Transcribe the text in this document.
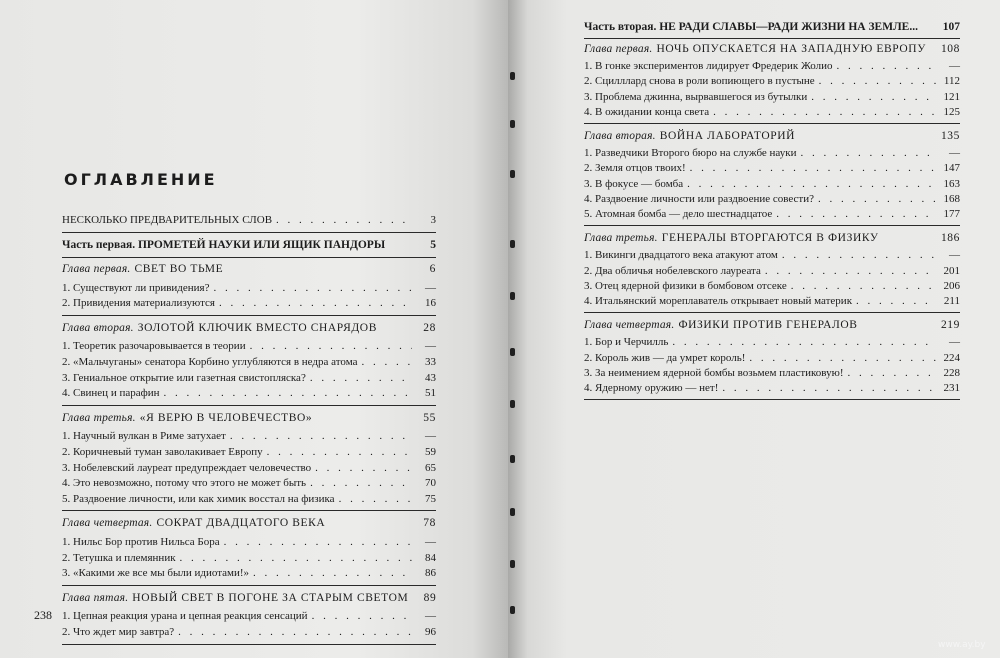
ОГЛАВЛЕНИЕ
НЕСКОЛЬКО ПРЕДВАРИТЕЛЬНЫХ СЛОВ . . .	3
Часть первая. ПРОМЕТЕЙ НАУКИ ИЛИ ЯЩИК ПАНДОРЫ	5
Глава первая. СВЕТ ВО ТЬМЕ	6
1. Существуют ли привидения? . . .	—
2. Привидения материализуются . . .	16
Глава вторая. ЗОЛОТОЙ КЛЮЧИК ВМЕСТО СНАРЯДОВ	28
1. Теоретик разочаровывается в теории . . .	—
2. «Мальчуганы» сенатора Корбино углубляются в недра атома . . .	33
3. Гениальное открытие или газетная свистопляска? . . .	43
4. Свинец и парафин . . .	51
Глава третья. «Я ВЕРЮ В ЧЕЛОВЕЧЕСТВО»	55
1. Научный вулкан в Риме затухает . . .	—
2. Коричневый туман заволакивает Европу . . .	59
3. Нобелевский лауреат предупреждает человечество . . .	65
4. Это невозможно, потому что этого не может быть . . .	70
5. Раздвоение личности, или как химик восстал на физика . . .	75
Глава четвертая. СОКРАТ ДВАДЦАТОГО ВЕКА	78
1. Нильс Бор против Нильса Бора . . .	—
2. Тетушка и племянник . . .	84
3. «Какими же все мы были идиотами!» . . .	86
Глава пятая. НОВЫЙ СВЕТ В ПОГОНЕ ЗА СТАРЫМ СВЕТОМ	89
1. Цепная реакция урана и цепная реакция сенсаций . . .	—
2. Что ждет мир завтра? . . .	96
238
Часть вторая. НЕ РАДИ СЛАВЫ—РАДИ ЖИЗНИ НА ЗЕМЛЕ... 107
Глава первая. НОЧЬ ОПУСКАЕТСЯ НА ЗАПАДНУЮ ЕВРОПУ 108
1. В гонке экспериментов лидирует Фредерик Жолио . . .	—
2. Сцилллард снова в роли вопиющего в пустыне . . .	112
3. Проблема джинна, вырвавшегося из бутылки . . .	121
4. В ожидании конца света . . .	125
Глава вторая. ВОЙНА ЛАБОРАТОРИЙ	135
1. Разведчики Второго бюро на службе науки . . .	—
2. Земля отцов твоих! . . .	147
3. В фокусе — бомба . . .	163
4. Раздвоение личности или раздвоение совести? . . .	168
5. Атомная бомба — дело шестнадцатое . . .	177
Глава третья. ГЕНЕРАЛЫ ВТОРГАЮТСЯ В ФИЗИКУ	186
1. Викинги двадцатого века атакуют атом . . .	—
2. Два обличья нобелевского лауреата . . .	201
3. Отец ядерной физики в бомбовом отсеке . . .	206
4. Итальянский мореплаватель открывает новый материк . . .	211
Глава четвертая. ФИЗИКИ ПРОТИВ ГЕНЕРАЛОВ	219
1. Бор и Черчилль . . .	—
2. Король жив — да умрет король! . . .	224
3. За неимением ядерной бомбы возьмем пластиковую! . . .	228
4. Ядерному оружию — нет! . . .	231
www.ay.by
